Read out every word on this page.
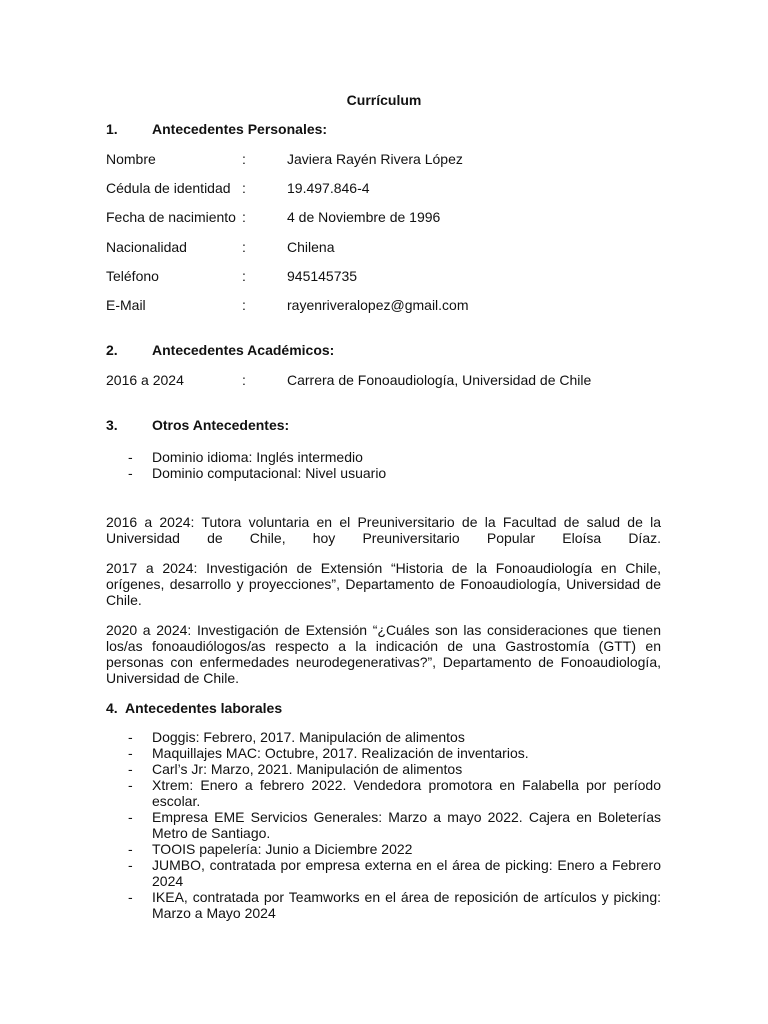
Currículum
1. Antecedentes Personales:
Nombre	:	Javiera Rayén Rivera López
Cédula de identidad :	19.497.846-4
Fecha de nacimiento :	4 de Noviembre de 1996
Nacionalidad	:	Chilena
Teléfono	:	945145735
E-Mail	:	rayenriveralopez@gmail.com
2. Antecedentes Académicos:
2016 a 2024	:	Carrera de Fonoaudiología, Universidad de Chile
3. Otros Antecedentes:
- Dominio idioma: Inglés intermedio
- Dominio computacional: Nivel usuario

2016 a 2024: Tutora voluntaria en el Preuniversitario de la Facultad de salud de la Universidad de Chile, hoy Preuniversitario Popular Eloísa Díaz.

2017 a 2024: Investigación de Extensión “Historia de la Fonoaudiología en Chile, orígenes, desarrollo y proyecciones”, Departamento de Fonoaudiología, Universidad de Chile.

2020 a 2024: Investigación de Extensión “¿Cuáles son las consideraciones que tienen los/as fonoaudiólogos/as respecto a la indicación de una Gastrostomía (GTT) en personas con enfermedades neurodegenerativas?”, Departamento de Fonoaudiología, Universidad de Chile.

4. Antecedentes laborales
- Doggis: Febrero, 2017. Manipulación de alimentos
- Maquillajes MAC: Octubre, 2017. Realización de inventarios.
- Carl’s Jr: Marzo, 2021. Manipulación de alimentos
- Xtrem: Enero a febrero 2022. Vendedora promotora en Falabella por período escolar.
- Empresa EME Servicios Generales: Marzo a mayo 2022. Cajera en Boleterías Metro de Santiago.
- TOOIS papelería: Junio a Diciembre 2022
- JUMBO, contratada por empresa externa en el área de picking: Enero a Febrero 2024
- IKEA, contratada por Teamworks en el área de reposición de artículos y picking: Marzo a Mayo 2024
